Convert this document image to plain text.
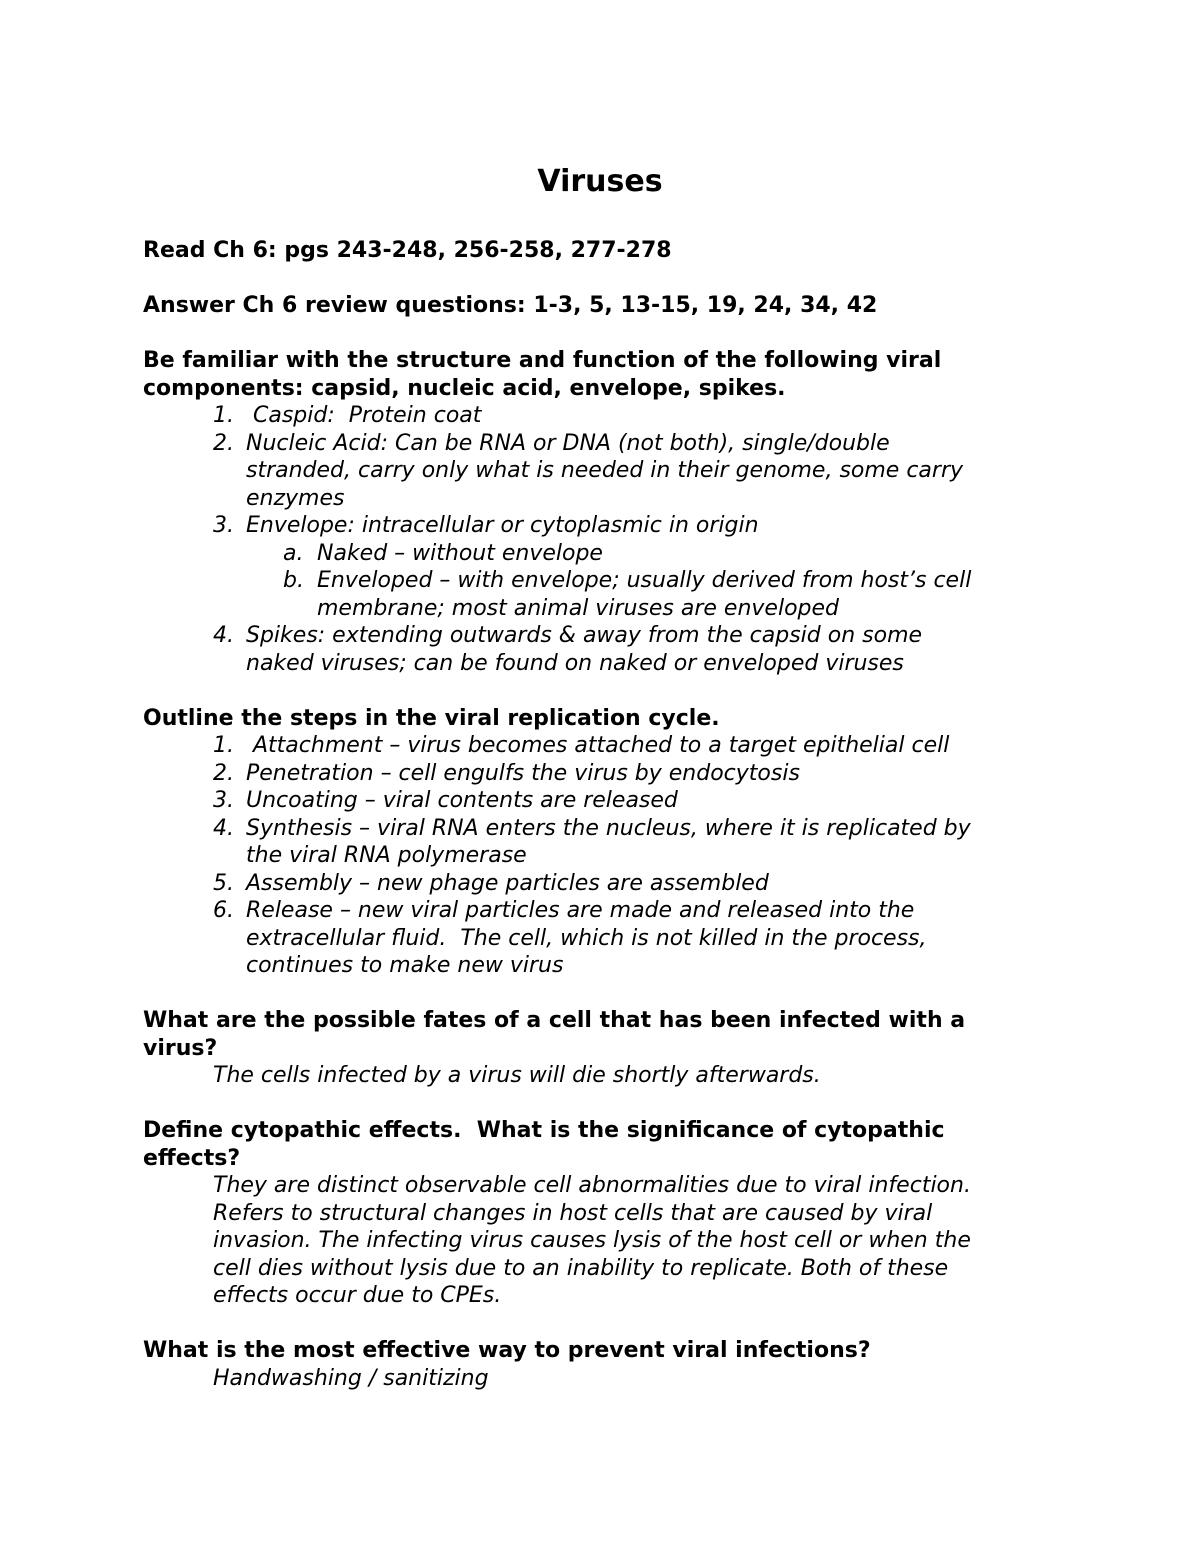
Viruses
Read Ch 6: pgs 243-248, 256-258, 277-278
Answer Ch 6 review questions: 1-3, 5, 13-15, 19, 24, 34, 42
Be familiar with the structure and function of the following viral
components: capsid, nucleic acid, envelope, spikes.
1. Caspid:  Protein coat
2. Nucleic Acid: Can be RNA or DNA (not both), single/double
stranded, carry only what is needed in their genome, some carry
enzymes
3. Envelope: intracellular or cytoplasmic in origin
a. Naked – without envelope
b. Enveloped – with envelope; usually derived from host’s cell
membrane; most animal viruses are enveloped
4. Spikes: extending outwards & away from the capsid on some
naked viruses; can be found on naked or enveloped viruses
Outline the steps in the viral replication cycle.
1. Attachment – virus becomes attached to a target epithelial cell
2. Penetration – cell engulfs the virus by endocytosis
3. Uncoating – viral contents are released
4. Synthesis – viral RNA enters the nucleus, where it is replicated by
the viral RNA polymerase
5. Assembly – new phage particles are assembled
6. Release – new viral particles are made and released into the
extracellular fluid.  The cell, which is not killed in the process,
continues to make new virus
What are the possible fates of a cell that has been infected with a
virus?
The cells infected by a virus will die shortly afterwards.
Define cytopathic effects.  What is the significance of cytopathic
effects?
They are distinct observable cell abnormalities due to viral infection.
Refers to structural changes in host cells that are caused by viral
invasion. The infecting virus causes lysis of the host cell or when the
cell dies without lysis due to an inability to replicate. Both of these
effects occur due to CPEs.
What is the most effective way to prevent viral infections?
Handwashing / sanitizing
